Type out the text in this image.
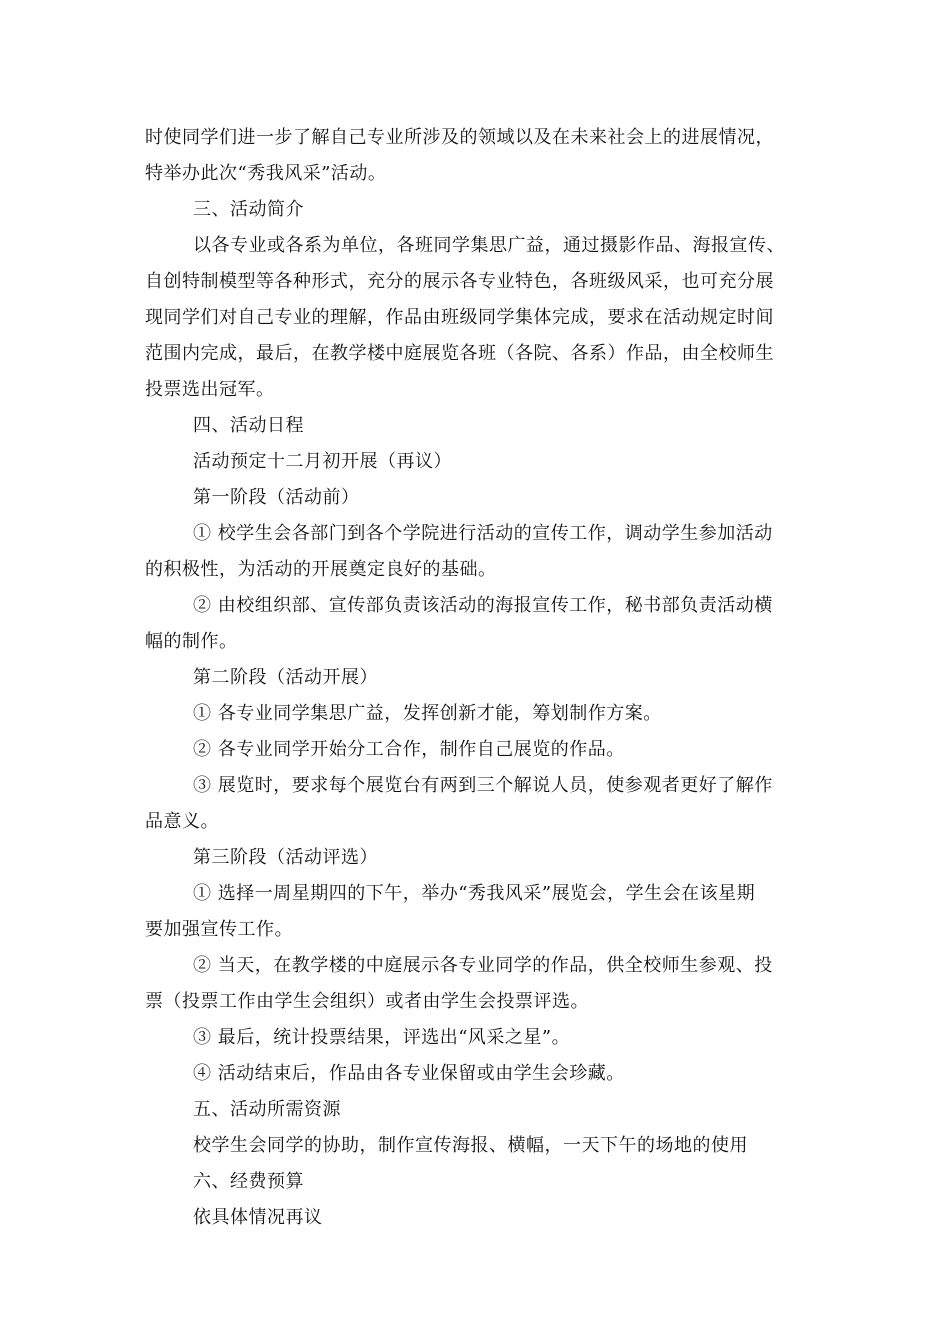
时使同学们进一步了解自己专业所涉及的领域以及在未来社会上的进展情况，

特举办此次“秀我风采”活动。

三、活动简介

以各专业或各系为单位，各班同学集思广益，通过摄影作品、海报宣传、

自创特制模型等各种形式，充分的展示各专业特色，各班级风采，也可充分展

现同学们对自己专业的理解，作品由班级同学集体完成，要求在活动规定时间

范围内完成，最后，在教学楼中庭展览各班（各院、各系）作品，由全校师生

投票选出冠军。

四、活动日程

活动预定十二月初开展（再议）

第一阶段（活动前）

① 校学生会各部门到各个学院进行活动的宣传工作，调动学生参加活动

的积极性，为活动的开展奠定良好的基础。

② 由校组织部、宣传部负责该活动的海报宣传工作，秘书部负责活动横

幅的制作。

第二阶段（活动开展）

① 各专业同学集思广益，发挥创新才能，筹划制作方案。

② 各专业同学开始分工合作，制作自己展览的作品。

③ 展览时，要求每个展览台有两到三个解说人员，使参观者更好了解作

品意义。

第三阶段（活动评选）

① 选择一周星期四的下午，举办“秀我风采”展览会，学生会在该星期

要加强宣传工作。

② 当天，在教学楼的中庭展示各专业同学的作品，供全校师生参观、投

票（投票工作由学生会组织）或者由学生会投票评选。

③ 最后，统计投票结果，评选出“风采之星”。

④ 活动结束后，作品由各专业保留或由学生会珍藏。

五、活动所需资源

校学生会同学的协助，制作宣传海报、横幅，一天下午的场地的使用

六、经费预算

依具体情况再议
